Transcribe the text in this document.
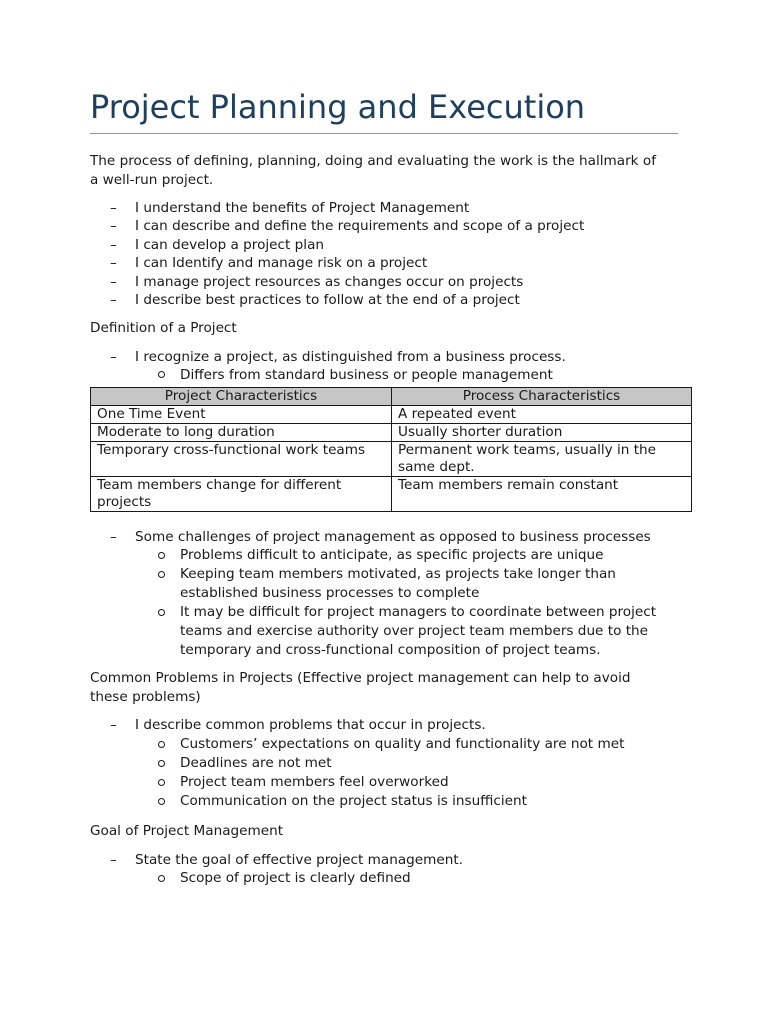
Project Planning and Execution
The process of defining, planning, doing and evaluating the work is the hallmark of
a well-run project.
– I understand the benefits of Project Management
– I can describe and define the requirements and scope of a project
– I can develop a project plan
– I can Identify and manage risk on a project
– I manage project resources as changes occur on projects
– I describe best practices to follow at the end of a project
Definition of a Project
– I recognize a project, as distinguished from a business process.
Differs from standard business or people management
Project Characteristics	Process Characteristics
One Time Event	A repeated event
Moderate to long duration	Usually shorter duration
Temporary cross-functional work teams	Permanent work teams, usually in the same dept.
Team members change for different projects	Team members remain constant
– Some challenges of project management as opposed to business processes
Problems difficult to anticipate, as specific projects are unique
Keeping team members motivated, as projects take longer than
established business processes to complete
It may be difficult for project managers to coordinate between project
teams and exercise authority over project team members due to the
temporary and cross-functional composition of project teams.
Common Problems in Projects (Effective project management can help to avoid
these problems)
– I describe common problems that occur in projects.
Customers’ expectations on quality and functionality are not met
Deadlines are not met
Project team members feel overworked
Communication on the project status is insufficient
Goal of Project Management
– State the goal of effective project management.
Scope of project is clearly defined
